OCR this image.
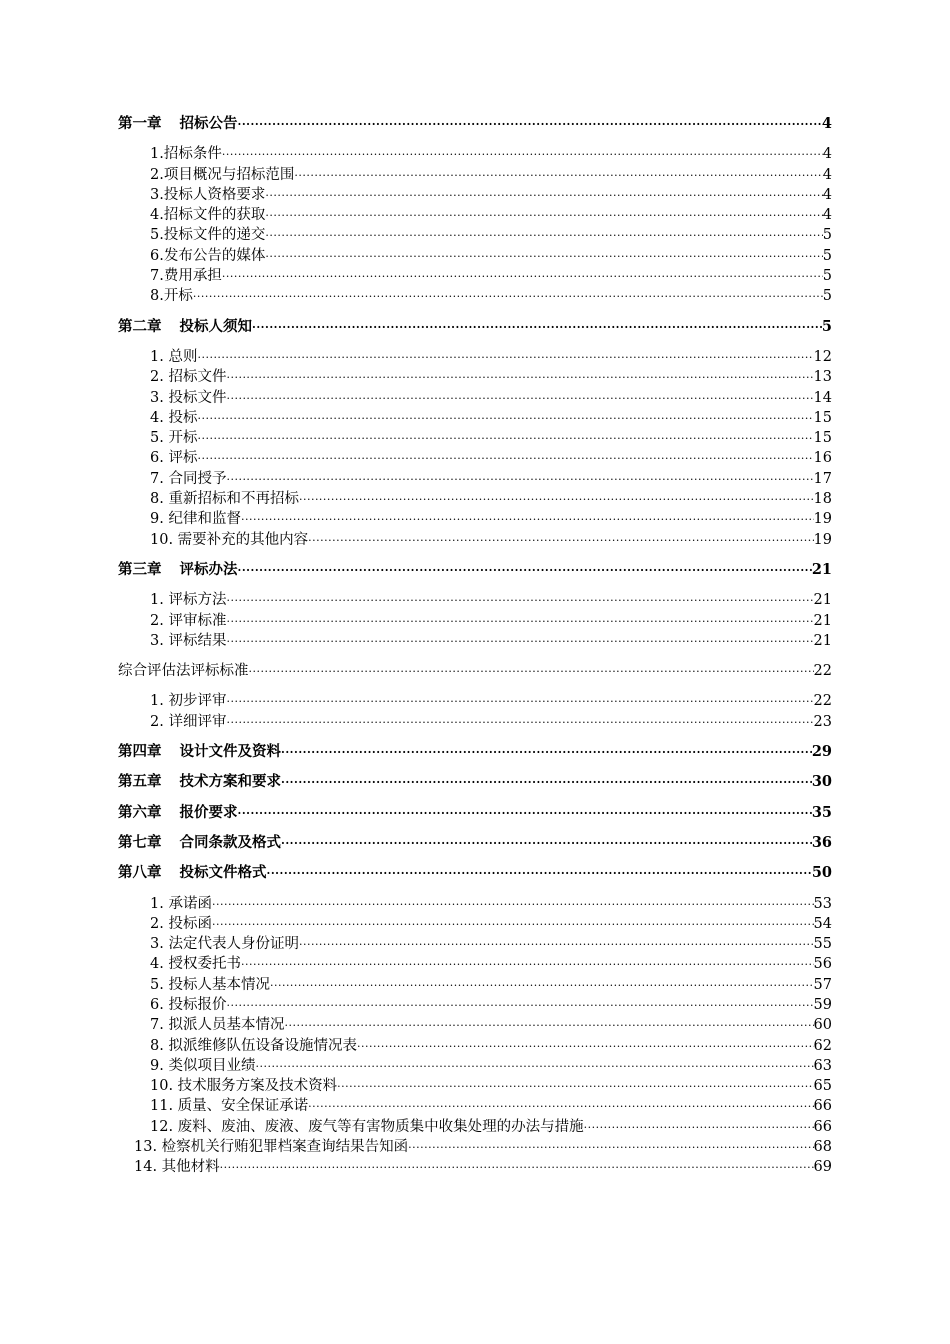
第一章 招标公告 ·····	4
1.招标条件 ·····	4
2.项目概况与招标范围 ·····	4
3.投标人资格要求 ·····	4
4.招标文件的获取 ·····	4
5.投标文件的递交 ·····	5
6.发布公告的媒体 ·····	5
7.费用承担 ·····	5
8.开标 ·····	5
第二章 投标人须知 ·····	5
1. 总则 ·····	12
2. 招标文件 ·····	13
3. 投标文件 ·····	14
4. 投标 ·····	15
5. 开标 ·····	15
6. 评标 ·····	16
7. 合同授予 ·····	17
8. 重新招标和不再招标 ·····	18
9. 纪律和监督 ·····	19
10. 需要补充的其他内容 ·····	19
第三章 评标办法 ·····	21
1. 评标方法 ·····	21
2. 评审标准 ·····	21
3. 评标结果 ·····	21
综合评估法评标标准 ·····	22
1. 初步评审 ·····	22
2. 详细评审 ·····	23
第四章 设计文件及资料 ·····	29
第五章 技术方案和要求 ·····	30
第六章 报价要求 ·····	35
第七章 合同条款及格式 ·····	36
第八章 投标文件格式 ·····	50
1. 承诺函 ·····	53
2. 投标函 ·····	54
3. 法定代表人身份证明 ·····	55
4. 授权委托书 ·····	56
5. 投标人基本情况 ·····	57
6. 投标报价 ·····	59
7. 拟派人员基本情况 ·····	60
8. 拟派维修队伍设备设施情况表 ·····	62
9. 类似项目业绩 ·····	63
10. 技术服务方案及技术资料 ·····	65
11. 质量、安全保证承诺 ·····	66
12. 废料、废油、废液、废气等有害物质集中收集处理的办法与措施 ·····	66
13. 检察机关行贿犯罪档案查询结果告知函 ·····	68
14. 其他材料 ·····	69
